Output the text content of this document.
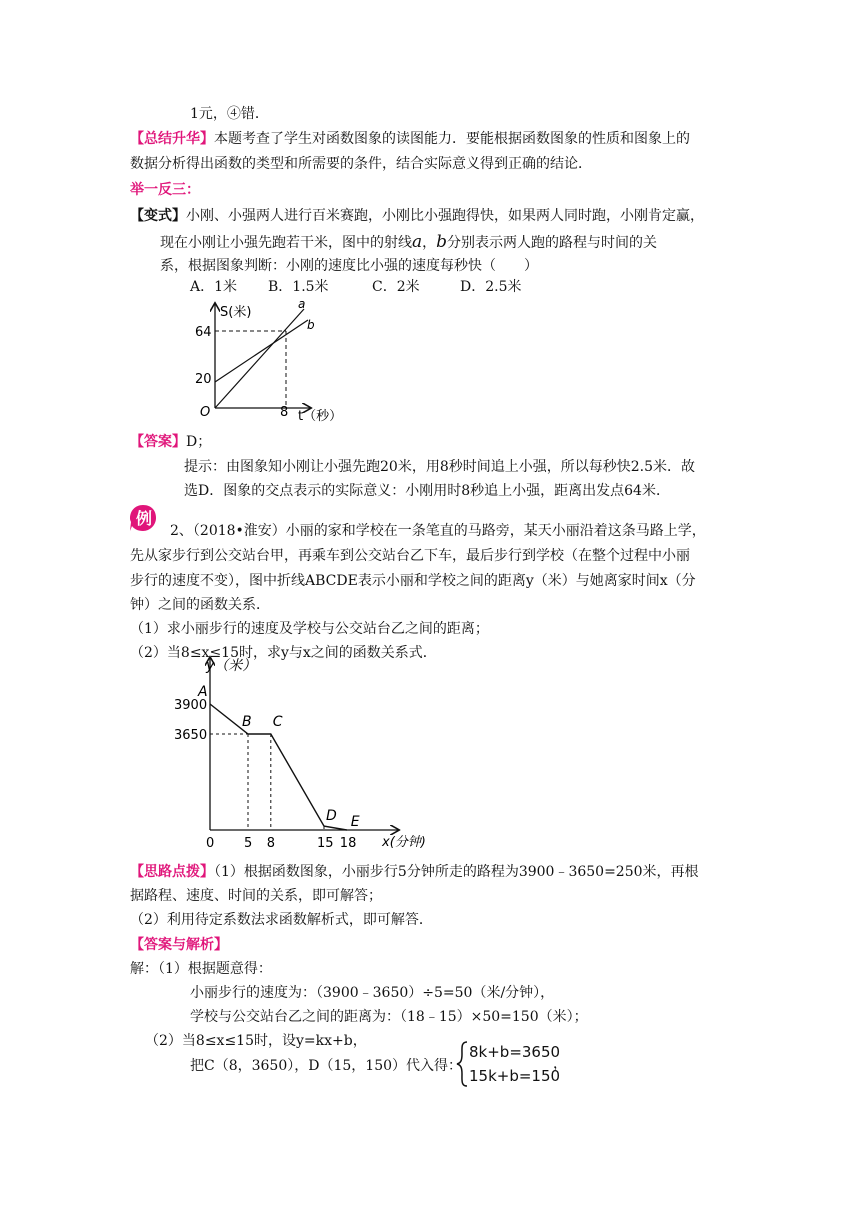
1元，④错．
【总结升华】本题考查了学生对函数图象的读图能力．要能根据函数图象的性质和图象上的
数据分析得出函数的类型和所需要的条件，结合实际意义得到正确的结论．
举一反三：
【变式】小刚、小强两人进行百米赛跑，小刚比小强跑得快，如果两人同时跑，小刚肯定赢，
现在小刚让小强先跑若干米，图中的射线a，b分别表示两人跑的路程与时间的关
系，根据图象判断：小刚的速度比小强的速度每秒快（　　）
A．1米 B．1.5米	C．2米	D．2.5米
S(米)
64
20
O	8 t（秒）
a
b
【答案】D；
提示：由图象知小刚让小强先跑20米，用8秒时间追上小强，所以每秒快2.5米．故
选D．图象的交点表示的实际意义：小刚用时8秒追上小强，距离出发点64米．
例
2、（2018•淮安）小丽的家和学校在一条笔直的马路旁，某天小丽沿着这条马路上学，
先从家步行到公交站台甲，再乘车到公交站台乙下车，最后步行到学校（在整个过程中小丽
步行的速度不变），图中折线ABCDE表示小丽和学校之间的距离y（米）与她离家时间x（分
钟）之间的函数关系．
（1）求小丽步行的速度及学校与公交站台乙之间的距离；
（2）当8≤x≤15时，求y与x之间的函数关系式．
y（米）
x(分钟)
A
B C
D E
3900
3650
0 5 8	15 18
【思路点拨】（1）根据函数图象，小丽步行5分钟所走的路程为3900﹣3650=250米，再根
据路程、速度、时间的关系，即可解答；
（2）利用待定系数法求函数解析式，即可解答．
【答案与解析】
解：（1）根据题意得：
小丽步行的速度为：（3900﹣3650）÷5=50（米/分钟），
学校与公交站台乙之间的距离为：（18﹣15）×50=150（米）；
（2）当8≤x≤15时，设y=kx+b，
把C（8，3650），D（15，150）代入得：
8k+b=3650
15k+b=150
，
